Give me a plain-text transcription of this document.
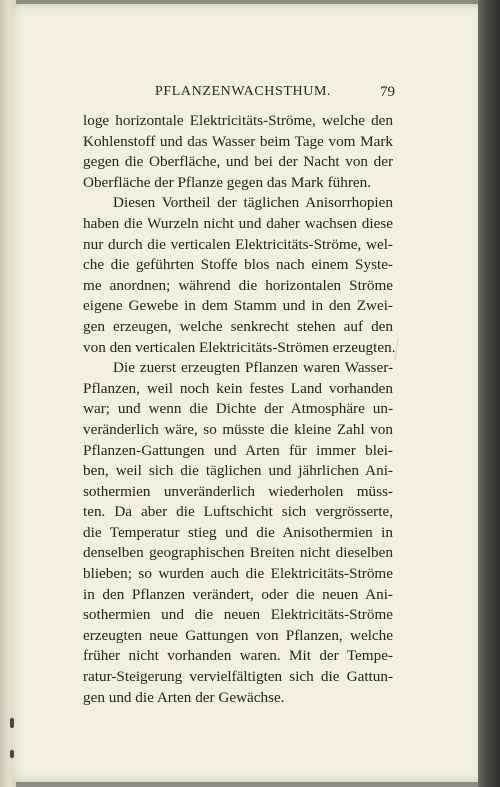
PFLANZENWACHSTHUM.	79
loge horizontale Elektricitäts-Ströme, welche den
Kohlenstoff und das Wasser beim Tage vom Mark
gegen die Oberfläche, und bei der Nacht von der
Oberfläche der Pflanze gegen das Mark führen.
Diesen Vortheil der täglichen Anisorrhopien
haben die Wurzeln nicht und daher wachsen diese
nur durch die verticalen Elektricitäts-Ströme, wel-
che die geführten Stoffe blos nach einem Syste-
me anordnen; während die horizontalen Ströme
eigene Gewebe in dem Stamm und in den Zwei-
gen erzeugen, welche senkrecht stehen auf den
von den verticalen Elektricitäts-Strömen erzeugten.
Die zuerst erzeugten Pflanzen waren Wasser-
Pflanzen, weil noch kein festes Land vorhanden
war; und wenn die Dichte der Atmosphäre un-
veränderlich wäre, so müsste die kleine Zahl von
Pflanzen-Gattungen und Arten für immer blei-
ben, weil sich die täglichen und jährlichen Ani-
sothermien unveränderlich wiederholen müss-
ten. Da aber die Luftschicht sich vergrösserte,
die Temperatur stieg und die Anisothermien in
denselben geographischen Breiten nicht dieselben
blieben; so wurden auch die Elektricitäts-Ströme
in den Pflanzen verändert, oder die neuen Ani-
sothermien und die neuen Elektricitäts-Ströme
erzeugten neue Gattungen von Pflanzen, welche
früher nicht vorhanden waren. Mit der Tempe-
ratur-Steigerung vervielfältigten sich die Gattun-
gen und die Arten der Gewächse.
